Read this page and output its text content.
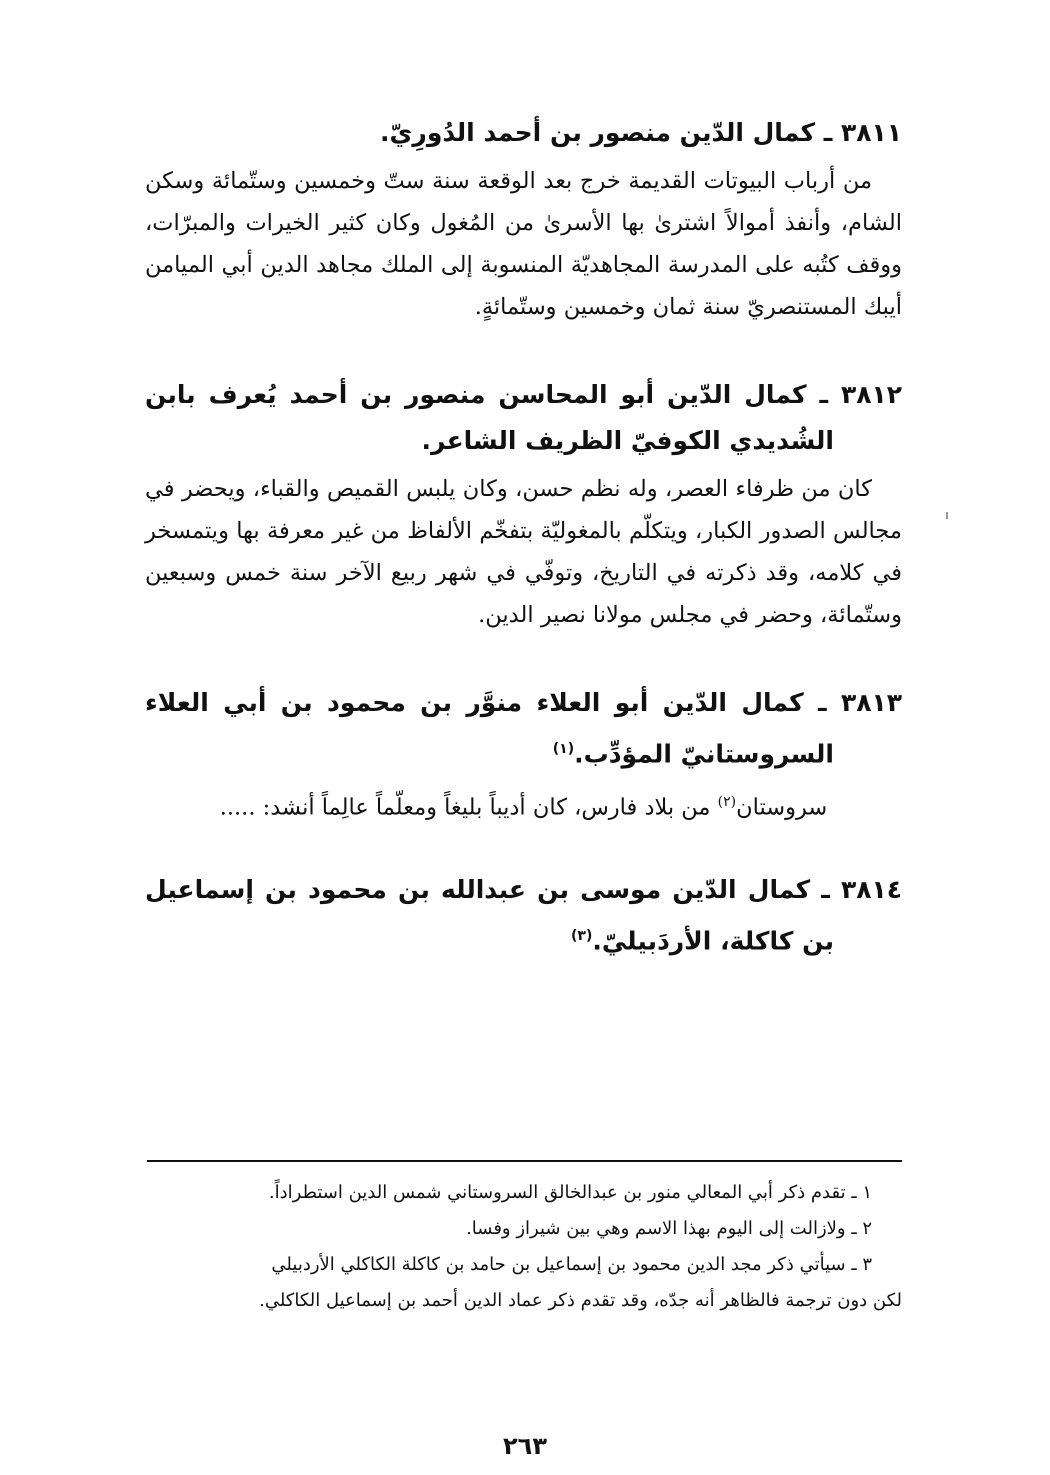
٣٨١١ ـ كمال الدّين منصور بن أحمد الدُورِيّ.

من أرباب البيوتات القديمة خرج بعد الوقعة سنة ستّ وخمسين وستّمائة وسكن الشام، وأنفذ أموالاً اشترىٰ بها الأسرىٰ من المُغول وكان كثير الخيرات والمبرّات، ووقف كتُبه على المدرسة المجاهديّة المنسوبة إلى الملك مجاهد الدين أبي الميامن أيبك المستنصريّ سنة ثمان وخمسين وستّمائةٍ.

٣٨١٢ ـ كمال الدّين أبو المحاسن منصور بن أحمد يُعرف بابن الشُديدي الكوفيّ الظريف الشاعر.

كان من ظرفاء العصر، وله نظم حسن، وكان يلبس القميص والقباء، ويحضر في مجالس الصدور الكبار، ويتكلّم بالمغوليّة بتفخّم الألفاظ من غير معرفة بها ويتمسخر في كلامه، وقد ذكرته في التاريخ، وتوفّي في شهر ربيع الآخر سنة خمس وسبعين وستّمائة، وحضر في مجلس مولانا نصير الدين.

٣٨١٣ ـ كمال الدّين أبو العلاء منوَّر بن محمود بن أبي العلاء السروستانيّ المؤدِّب.$^{(١)}$

سروستان$^{(٢)}$ من بلاد فارس، كان أديباً بليغاً ومعلّماً عالِماً أنشد: .....

٣٨١٤ ـ كمال الدّين موسى بن عبدالله بن محمود بن إسماعيل بن كاكلة، الأردَبيليّ.$^{(٣)}$

١ ـ تقدم ذكر أبي المعالي منور بن عبدالخالق السروستاني شمس الدين استطراداً.

٢ ـ ولازالت إلى اليوم بهذا الاسم وهي بين شيراز وفسا.

٣ ـ سيأتي ذكر مجد الدين محمود بن إسماعيل بن حامد بن كاكلة الكاكلي الأردبيلي

لكن دون ترجمة فالظاهر أنه جدّه، وقد تقدم ذكر عماد الدين أحمد بن إسماعيل الكاكلي.

٢٦٣
